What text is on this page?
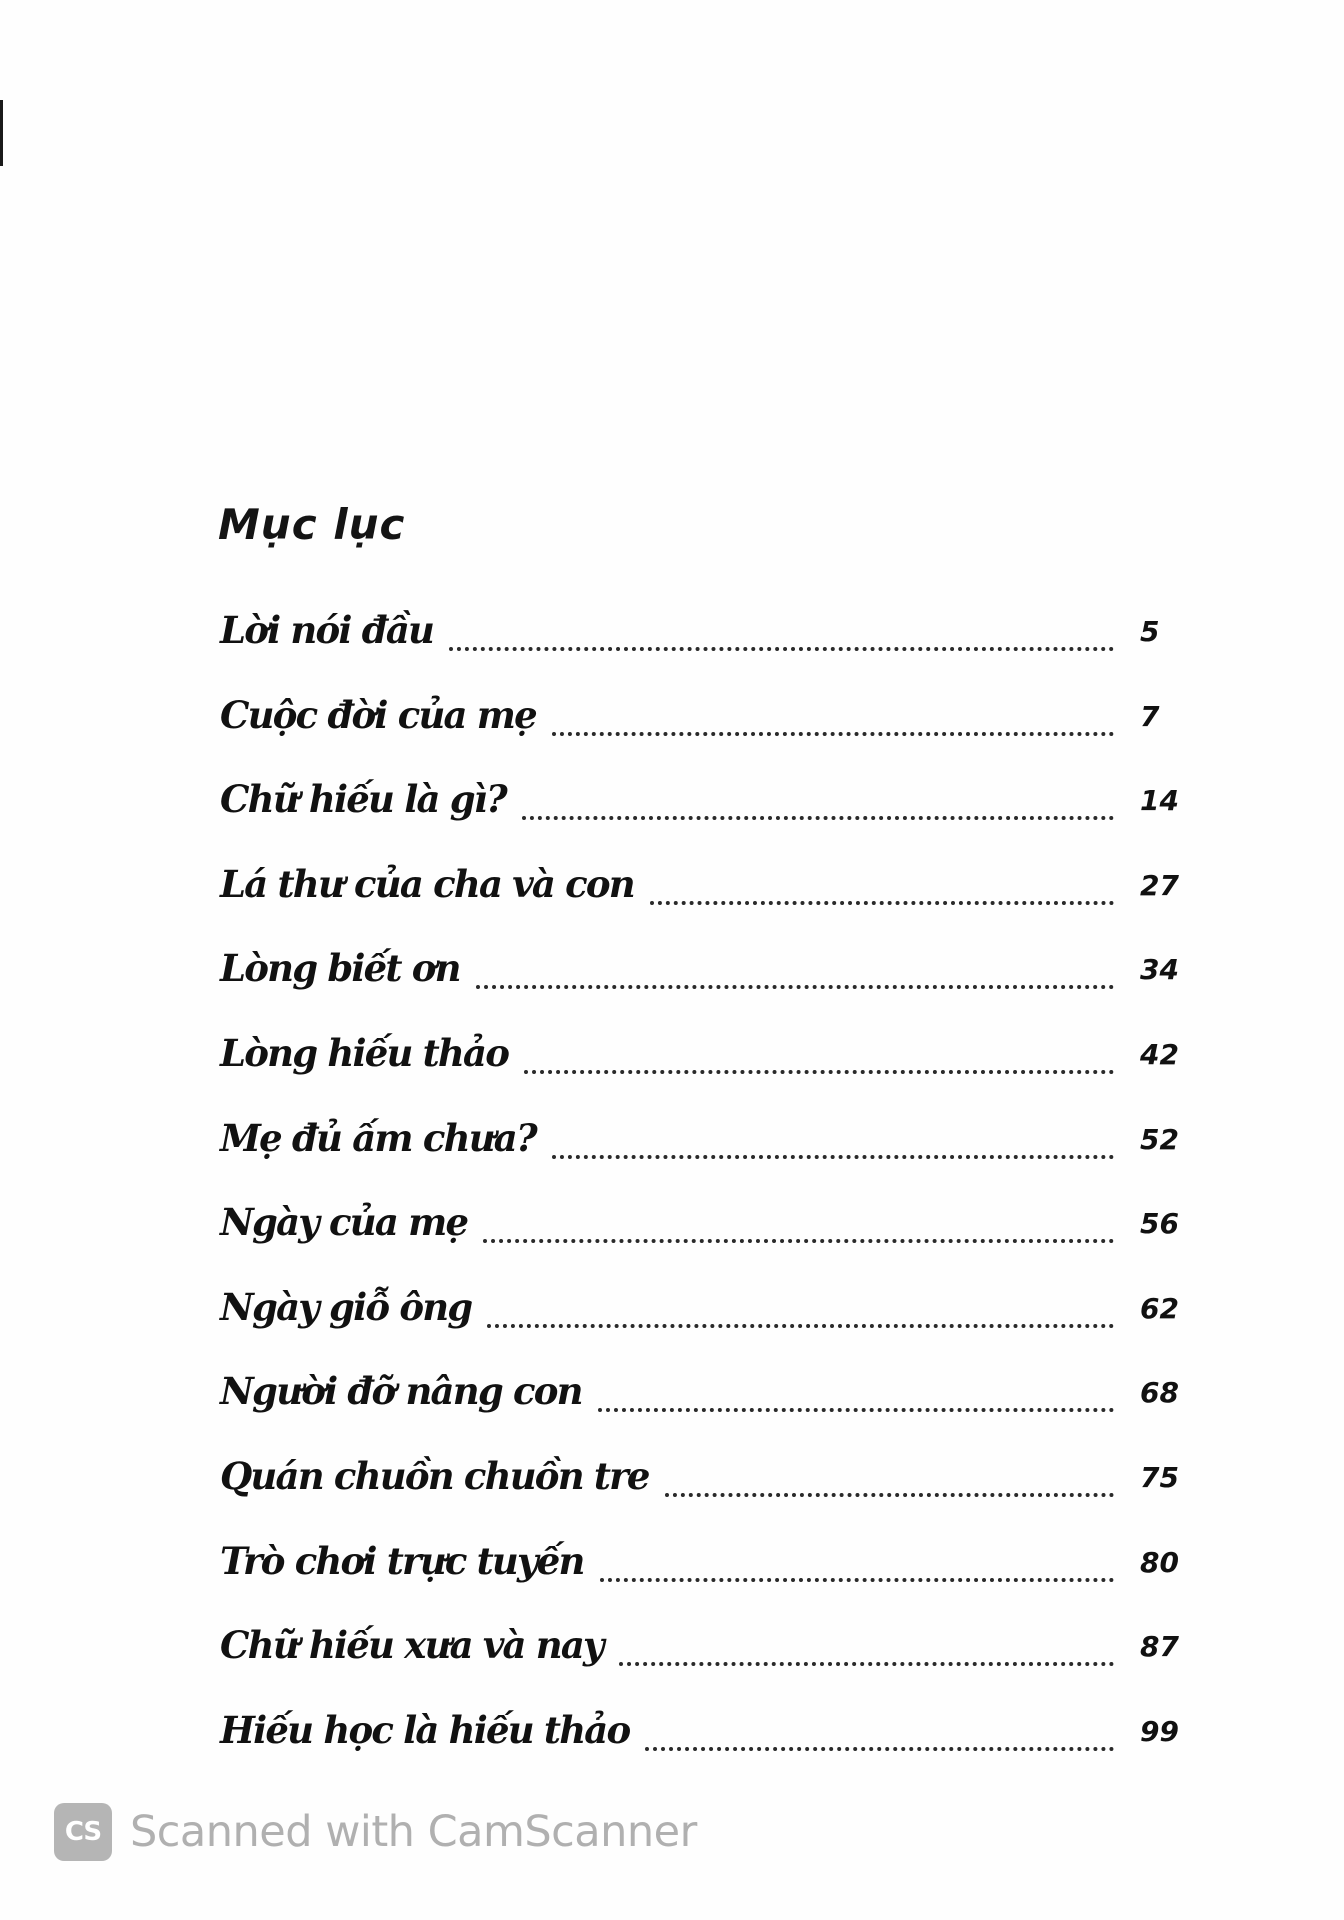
Mục lục
Lời nói đầu	5
Cuộc đời của mẹ	7
Chữ hiếu là gì?	14
Lá thư của cha và con	27
Lòng biết ơn	34
Lòng hiếu thảo	42
Mẹ đủ ấm chưa?	52
Ngày của mẹ	56
Ngày giỗ ông	62
Người đỡ nâng con	68
Quán chuồn chuồn tre	75
Trò chơi trực tuyến	80
Chữ hiếu xưa và nay	87
Hiếu học là hiếu thảo	99
CS Scanned with CamScanner
